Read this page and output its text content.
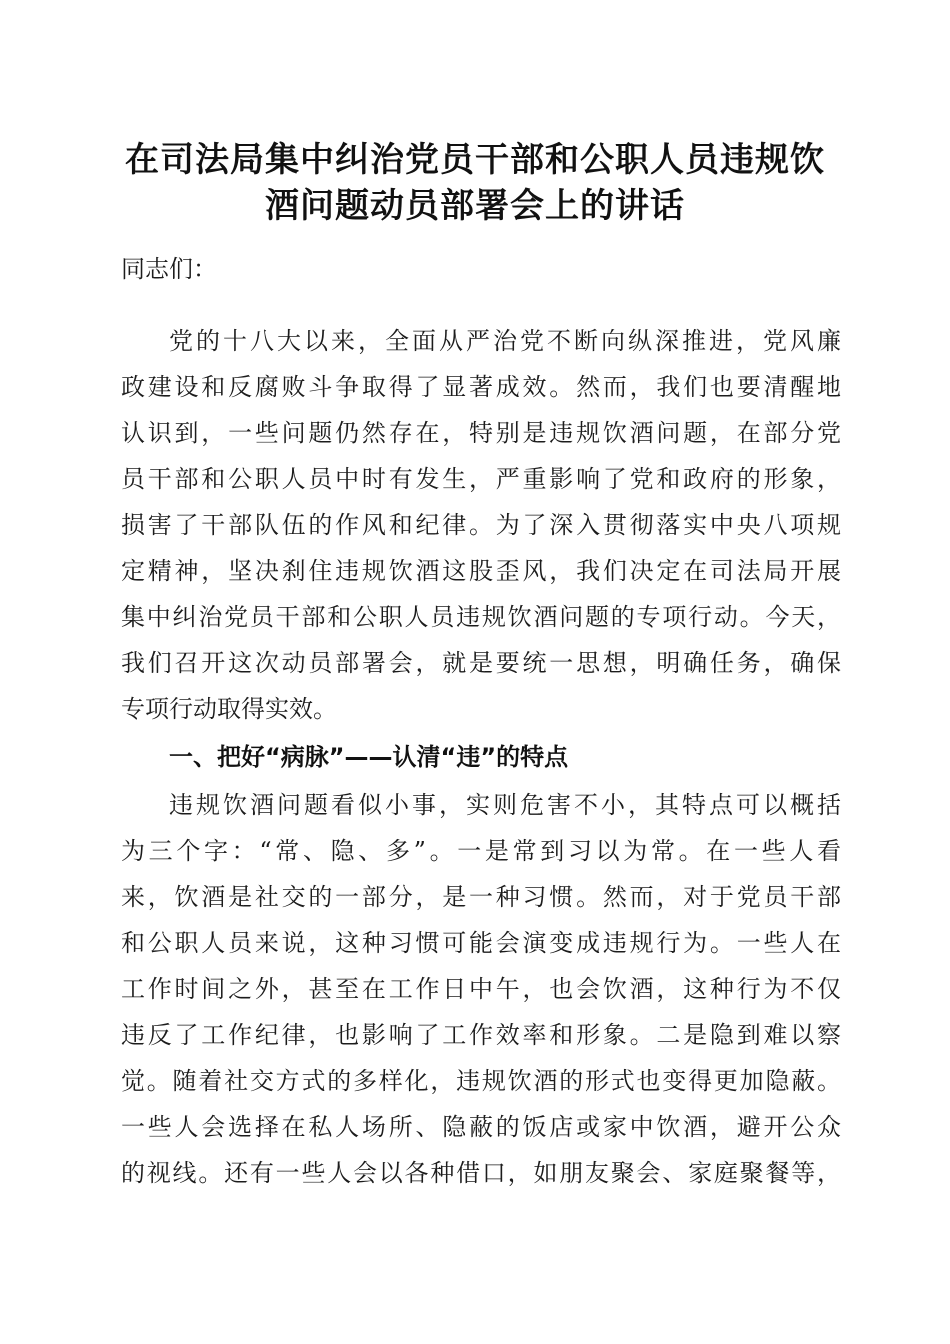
在司法局集中纠治党员干部和公职人员违规饮
酒问题动员部署会上的讲话

同志们：

党的十八大以来，全面从严治党不断向纵深推进，党风廉

政建设和反腐败斗争取得了显著成效。然而，我们也要清醒地

认识到，一些问题仍然存在，特别是违规饮酒问题，在部分党

员干部和公职人员中时有发生，严重影响了党和政府的形象，

损害了干部队伍的作风和纪律。为了深入贯彻落实中央八项规

定精神，坚决刹住违规饮酒这股歪风，我们决定在司法局开展

集中纠治党员干部和公职人员违规饮酒问题的专项行动。今天，

我们召开这次动员部署会，就是要统一思想，明确任务，确保

专项行动取得实效。

一、把好“病脉”——认清“违”的特点

违规饮酒问题看似小事，实则危害不小，其特点可以概括

为三个字：“常、隐、多”。一是常到习以为常。在一些人看

来，饮酒是社交的一部分，是一种习惯。然而，对于党员干部

和公职人员来说，这种习惯可能会演变成违规行为。一些人在

工作时间之外，甚至在工作日中午，也会饮酒，这种行为不仅

违反了工作纪律，也影响了工作效率和形象。二是隐到难以察

觉。随着社交方式的多样化，违规饮酒的形式也变得更加隐蔽。

一些人会选择在私人场所、隐蔽的饭店或家中饮酒，避开公众

的视线。还有一些人会以各种借口，如朋友聚会、家庭聚餐等，
